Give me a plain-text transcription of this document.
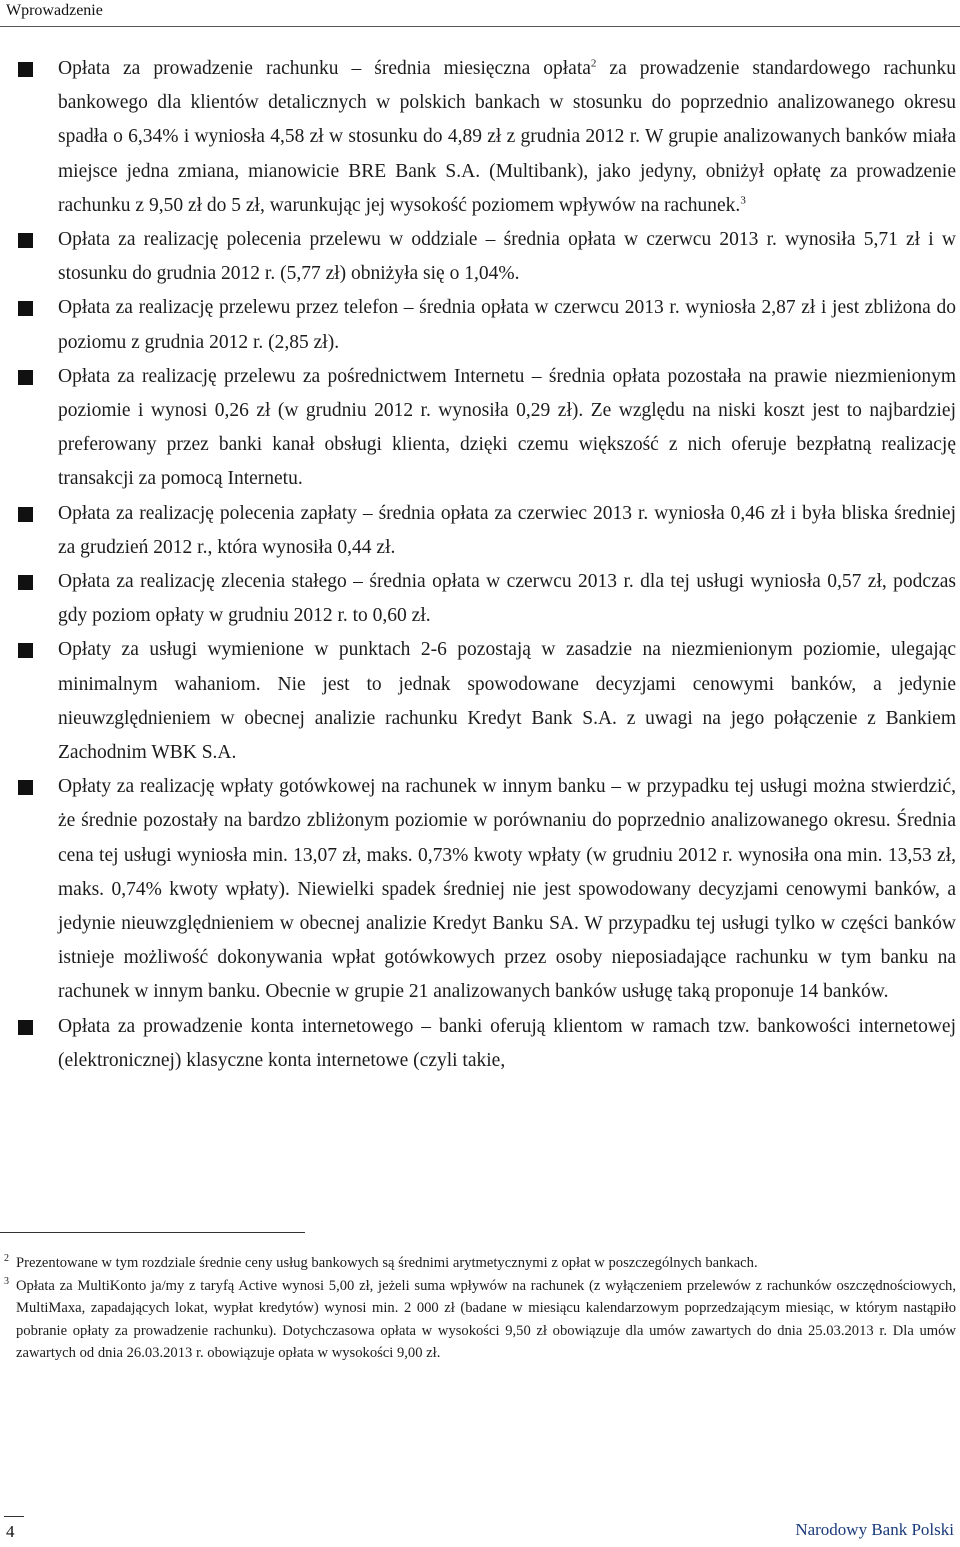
Wprowadzenie
Opłata za prowadzenie rachunku – średnia miesięczna opłata$^2$ za prowadzenie standardowego rachunku bankowego dla klientów detalicznych w polskich bankach w stosunku do poprzednio analizowanego okresu spadła o 6,34% i wyniosła 4,58 zł w stosunku do 4,89 zł z grudnia 2012 r. W grupie analizowanych banków miała miejsce jedna zmiana, mianowicie BRE Bank S.A. (Multibank), jako jedyny, obniżył opłatę za prowadzenie rachunku z 9,50 zł do 5 zł, warunkując jej wysokość poziomem wpływów na rachunek.$^3$
Opłata za realizację polecenia przelewu w oddziale – średnia opłata w czerwcu 2013 r. wynosiła 5,71 zł i w stosunku do grudnia 2012 r. (5,77 zł) obniżyła się o 1,04%.
Opłata za realizację przelewu przez telefon – średnia opłata w czerwcu 2013 r. wyniosła 2,87 zł i jest zbliżona do poziomu z grudnia 2012 r. (2,85 zł).
Opłata za realizację przelewu za pośrednictwem Internetu – średnia opłata pozostała na prawie niezmienionym poziomie i wynosi 0,26 zł (w grudniu 2012 r. wynosiła 0,29 zł). Ze względu na niski koszt jest to najbardziej preferowany przez banki kanał obsługi klienta, dzięki czemu większość z nich oferuje bezpłatną realizację transakcji za pomocą Internetu.
Opłata za realizację polecenia zapłaty – średnia opłata za czerwiec 2013 r. wyniosła 0,46 zł i była bliska średniej za grudzień 2012 r., która wynosiła 0,44 zł.
Opłata za realizację zlecenia stałego – średnia opłata w czerwcu 2013 r. dla tej usługi wyniosła 0,57 zł, podczas gdy poziom opłaty w grudniu 2012 r. to 0,60 zł.
Opłaty za usługi wymienione w punktach 2-6 pozostają w zasadzie na niezmienionym poziomie, ulegając minimalnym wahaniom. Nie jest to jednak spowodowane decyzjami cenowymi banków, a jedynie nieuwzględnieniem w obecnej analizie rachunku Kredyt Bank S.A. z uwagi na jego połączenie z Bankiem Zachodnim WBK S.A.
Opłaty za realizację wpłaty gotówkowej na rachunek w innym banku – w przypadku tej usługi można stwierdzić, że średnie pozostały na bardzo zbliżonym poziomie w porównaniu do poprzednio analizowanego okresu. Średnia cena tej usługi wyniosła min. 13,07 zł, maks. 0,73% kwoty wpłaty (w grudniu 2012 r. wynosiła ona min. 13,53 zł, maks. 0,74% kwoty wpłaty). Niewielki spadek średniej nie jest spowodowany decyzjami cenowymi banków, a jedynie nieuwzględnieniem w obecnej analizie Kredyt Banku SA. W przypadku tej usługi tylko w części banków istnieje możliwość dokonywania wpłat gotówkowych przez osoby nieposiadające rachunku w tym banku na rachunek w innym banku. Obecnie w grupie 21 analizowanych banków usługę taką proponuje 14 banków.
Opłata za prowadzenie konta internetowego – banki oferują klientom w ramach tzw. bankowości internetowej (elektronicznej) klasyczne konta internetowe (czyli takie,

2 Prezentowane w tym rozdziale średnie ceny usług bankowych są średnimi arytmetycznymi z opłat w poszczególnych bankach.

3 Opłata za MultiKonto ja/my z taryfą Active wynosi 5,00 zł, jeżeli suma wpływów na rachunek (z wyłączeniem przelewów z rachunków oszczędnościowych, MultiMaxa, zapadających lokat, wypłat kredytów) wynosi min. 2 000 zł (badane w miesiącu kalendarzowym poprzedzającym miesiąc, w którym nastąpiło pobranie opłaty za prowadzenie rachunku). Dotychczasowa opłata w wysokości 9,50 zł obowiązuje dla umów zawartych do dnia 25.03.2013 r. Dla umów zawartych od dnia 26.03.2013 r. obowiązuje opłata w wysokości 9,00 zł.

4	Narodowy Bank Polski
